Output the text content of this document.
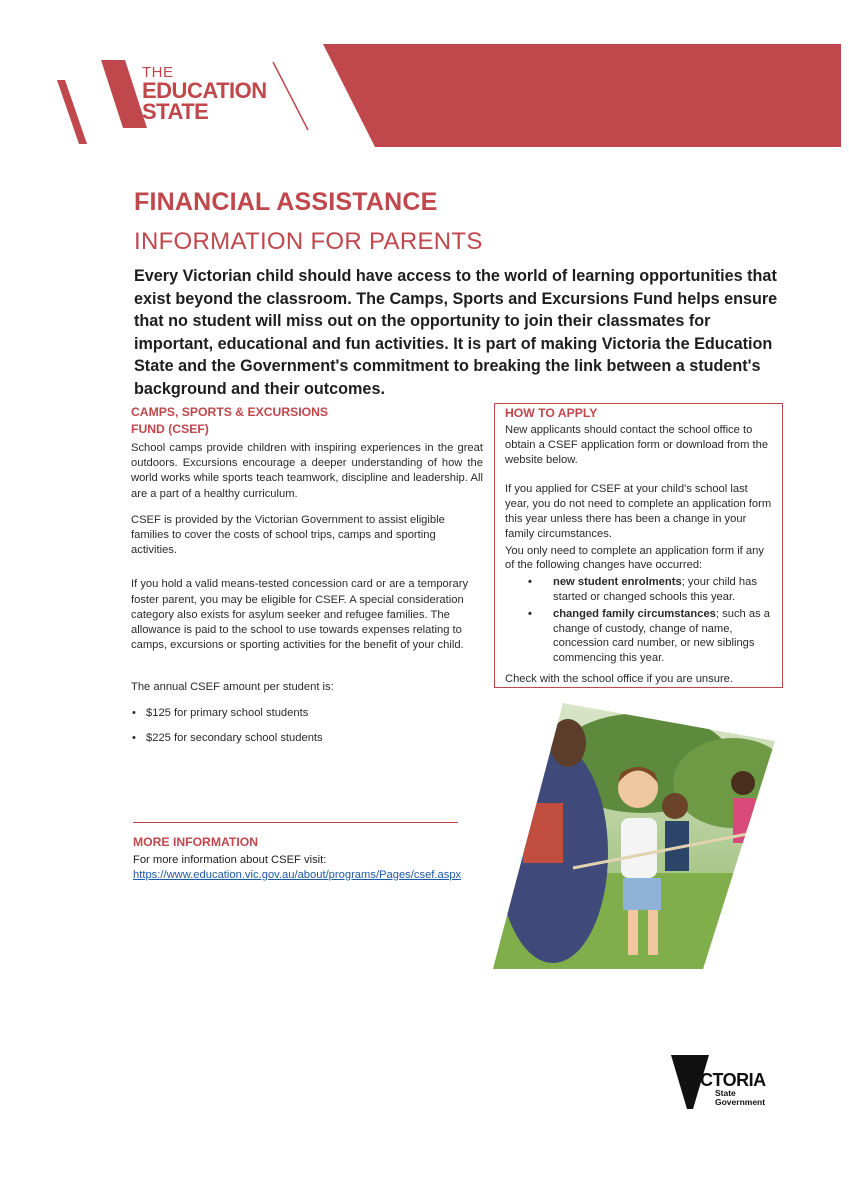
THE
EDUCATION
STATE
FINANCIAL ASSISTANCE
INFORMATION FOR PARENTS
Every Victorian child should have access to the world of learning opportunities that exist beyond the classroom. The Camps, Sports and Excursions Fund helps ensure that no student will miss out on the opportunity to join their classmates for important, educational and fun activities. It is part of making Victoria the Education State and the Government's commitment to breaking the link between a student's background and their outcomes.
CAMPS, SPORTS & EXCURSIONS
FUND (CSEF)

School camps provide children with inspiring experiences in the great outdoors. Excursions encourage a deeper understanding of how the world works while sports teach teamwork, discipline and leadership. All are a part of a healthy curriculum.

CSEF is provided by the Victorian Government to assist eligible families to cover the costs of school trips, camps and sporting activities.

If you hold a valid means-tested concession card or are a temporary foster parent, you may be eligible for CSEF. A special consideration category also exists for asylum seeker and refugee families. The allowance is paid to the school to use towards expenses relating to camps, excursions or sporting activities for the benefit of your child.

The annual CSEF amount per student is:

• $125 for primary school students
• $225 for secondary school students
MORE INFORMATION
For more information about CSEF visit:
https://www.education.vic.gov.au/about/programs/Pages/csef.aspx
HOW TO APPLY

New applicants should contact the school office to obtain a CSEF application form or download from the website below.

If you applied for CSEF at your child's school last year, you do not need to complete an application form this year unless there has been a change in your family circumstances.

You only need to complete an application form if any of the following changes have occurred:

• new student enrolments; your child has started or changed schools this year.
• changed family circumstances; such as a change of custody, change of name, concession card number, or new siblings commencing this year.

Check with the school office if you are unsure.

VICTORIA
State
Government
